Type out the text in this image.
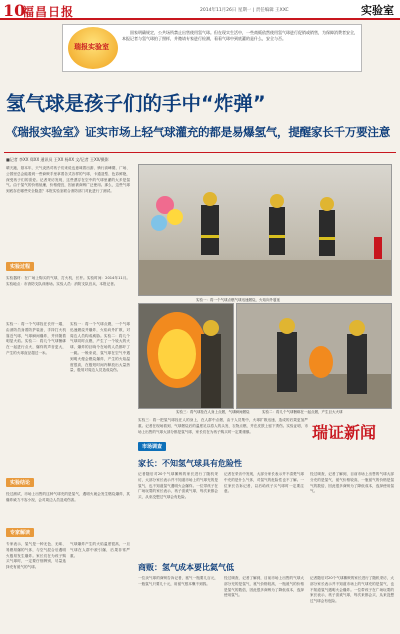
10
福昌日报	2014年11月26日 星期一 | 责任编辑 王XXC	实验室
瑞报实验室

固家明确规定，公共场所禁止出售使用氢气球。但在现实生活中，一些商贩依然使用氢气球进行促销或销售，为保障消费者安全，本报记者与氢气球拍了照样，并邀请专家进行检测，看看气球中到底灌的是什么，安全与否。

氢气球是孩子们的手中“炸弹”
《瑞报实验室》证实市场上轻气球灌充的都是易爆氢气，提醒家长千万要注意

■记者 李XX 郑XX 通讯员 王XX 杨XX 文/记者 王XX/摄影

晴天跑，基本年，天气炎热对孩子们来说也意味着出游、骑行高峰期，广场、公园里总会能看到一些商贩手里拿着各式各样的气球，卡通造型、色彩鲜艳，深受孩子们的喜爱。记者采访发现，这些漂浮在空中的气球里灌的大多是氢气。由于氢气的价格低廉，价格便宜，因而被商贩广泛使用。那么，这些气球到底存在哪些安全隐患？本报实验室联合消防部门对此进行了测试。

实验过程

实验器材：在广场上购买的气球，打火机，长杆。实验时间：2014年11月。实验地点：市消防支队训练场。实验人员：消防支队官兵，本报记者。

实验一：将一个气球拴在长杆一端，由消防员身着防护装备，手持打火机靠近气球，气球瞬间爆炸，并伴随着明显火焰。实验二：将几个气球捆绑在一起进行点火，爆炸的声音更大，产生的火球直径超过一米。

实验一：将一个气球点燃，一个气球迅速燃烧并爆炸，火焰向外扩散，对周边人员构成威胁。实验二：将几个气球同时点燃，产生了一个较大的火球，爆炸的巨响令在场的人员都吓了一跳。一般来说，氢气球在空气中遇到明火便会燃烧爆炸，产生的火焰温度很高，在极短时间内释放出大量热量，极易对周边人员造成烧伤。

实验结论

经过测试，市场上出售的这种气球充的是氢气，遇明火就会发生燃烧爆炸，其爆炸威力不容小视，会对周边人员造成伤害。

专家解读

专家表示，氢气是一种无色、无味、易燃易爆的气体，与空气混合后遇明火极易发生爆炸。家长们在为孩子购买气球时，一定要仔细辨别，尽量选择充有氦气的气球。

气球爆炸产生的火焰温度很高，一旦气球在人群中被引爆，后果非常严重。

实验一：将一个气球点燃气球迅速燃烧，火焰向外蔓延
实验二：将几个气球捆绑在一起点燃，产生巨大火球
实验三：将气球拴在人身上点燃，气球瞬间燃烧
瑞证新闻

实验三：将一把氢气球拴在人的身上，在人群中点燃，由于人员集中，火球扩散迅速，造成的后果更加严重。记者在现场看到，气球燃烧后的温度足以将人的头发、衣物点燃，并在皮肤上留下烫伤。实验证明，市场上出售的气球大部分都是氢气球，家长们在为孩子购买时一定要谨慎。

市场调查
家长：不知氢气球具有危险性

记者随后对20个气球摊贩的家长进行了随机采访，大部分家长表示并不知道市场上的气球充的是氢气，也不知道氢气遇明火会爆炸。一位带孩子在广场玩耍的家长表示，孩子喜欢气球，每次来都会买，从来没想过气球会有危险。

记者在采访中发现，大部分家长表示并不清楚气球中充的是什么气体，对氢气的危险性也不了解。一位家长告诉记者，以后给孩子买气球时一定要注意。

经过调查，记者了解到，目前市场上出售的气球大部分充的是氢气，氦气价格较高，一瓶氦气的价格是氢气的数倍，因此很多商贩为了降低成本，选择使用氢气。

商贩：氢气成本要比氦气低

一位卖气球的商贩告诉记者，氦气一瓶要几百元，一瓶氢气只要几十元，用氦气根本赚不到钱。

经过调查，记者了解到，目前市场上出售的气球大部分充的是氢气，氦气价格较高，一瓶氦气的价格是氢气的数倍，因此很多商贩为了降低成本，选择使用氢气。

记者随后对20个气球摊贩的家长进行了随机采访，大部分家长表示并不知道市场上的气球充的是氢气，也不知道氢气遇明火会爆炸。一位带孩子在广场玩耍的家长表示，孩子喜欢气球，每次来都会买，从来没想过气球会有危险。
